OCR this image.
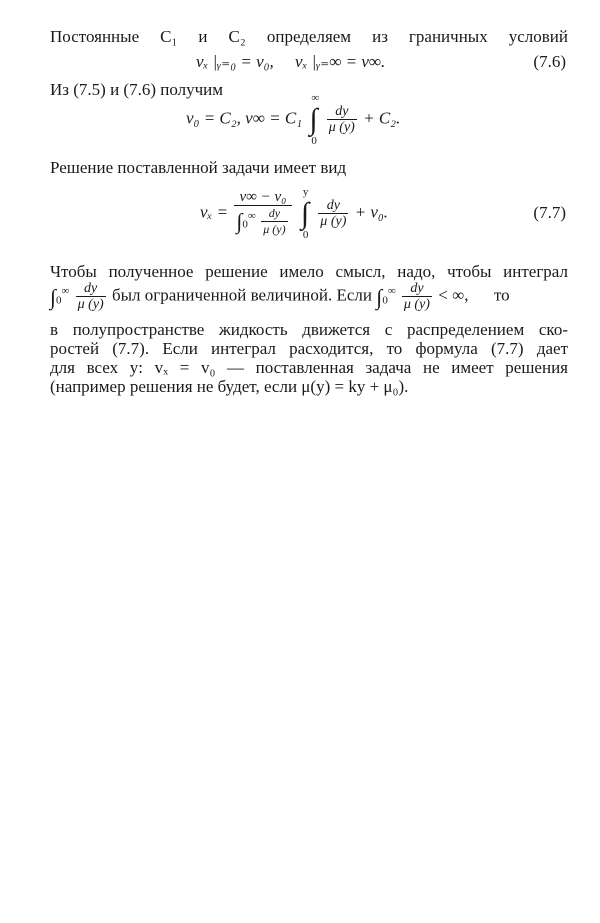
Постоянные C₁ и C₂ определяем из граничных условий
vₓ |ᵧ₌₀ = v₀, vₓ |ᵧ₌∞ = v∞.	(7.6)
Из (7.5) и (7.6) получим
v₀ = C₂, v∞ = C₁ ∫
∞
0

$\frac{dy}{\mu (y)} + C_2$.
Решение поставленной задачи имеет вид
$v_x = \frac{\text{v∞ − v₀}}{\int_0^\infty \frac{dy}{\mu (y)}}$ ∫
y
0

$\frac{dy}{\mu (y)} + v_0$.	(7.7)
Чтобы полученное решение имело смысл, надо, чтобы интеграл
$\int_0^\infty \frac{dy}{\mu (y)}$ был ограниченной величиной. Если $\int_0^\infty \frac{dy}{\mu (y)}$ < ∞, то
в полупространстве жидкость движется с распределением ско-
ростей (7.7). Если интеграл расходится, то формула (7.7) дает
для всех y: vₓ = v₀ — поставленная задача не имеет решения
(например решения не будет, если μ(y) = ky + μ₀).
